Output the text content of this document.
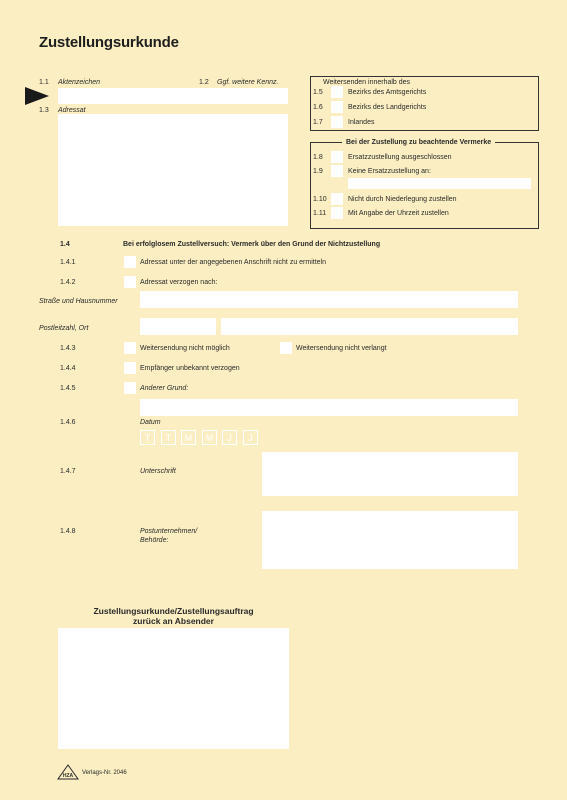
Zustellungsurkunde
1.1 Aktenzeichen	1.2 Ggf. weitere Kennz.
1.3 Adressat
Weitersenden innerhalb des
1.5	Bezirks des Amtsgerichts
1.6	Bezirks des Landgerichts
1.7	Inlandes
Bei der Zustellung zu beachtende Vermerke
1.8	Ersatzzustellung ausgeschlossen
1.9	Keine Ersatzzustellung an:
1.10	Nicht durch Niederlegung zustellen
1.11	Mit Angabe der Uhrzeit zustellen
1.4	Bei erfolglosem Zustellversuch: Vermerk über den Grund der Nichtzustellung
1.4.1	Adressat unter der angegebenen Anschrift nicht zu ermitteln
1.4.2	Adressat verzogen nach:
Straße und Hausnummer
Postleitzahl, Ort
1.4.3	Weitersendung nicht möglich	Weitersendung nicht verlangt
1.4.4	Empfänger unbekannt verzogen
1.4.5	Anderer Grund:
1.4.6	Datum
T	T	M	M	J	J
1.4.7	Unterschrift
1.4.8	Postunternehmen/
Behörde:
Zustellungsurkunde/Zustellungsauftrag
zurück an Absender
HZA Verlags-Nr. 2046
